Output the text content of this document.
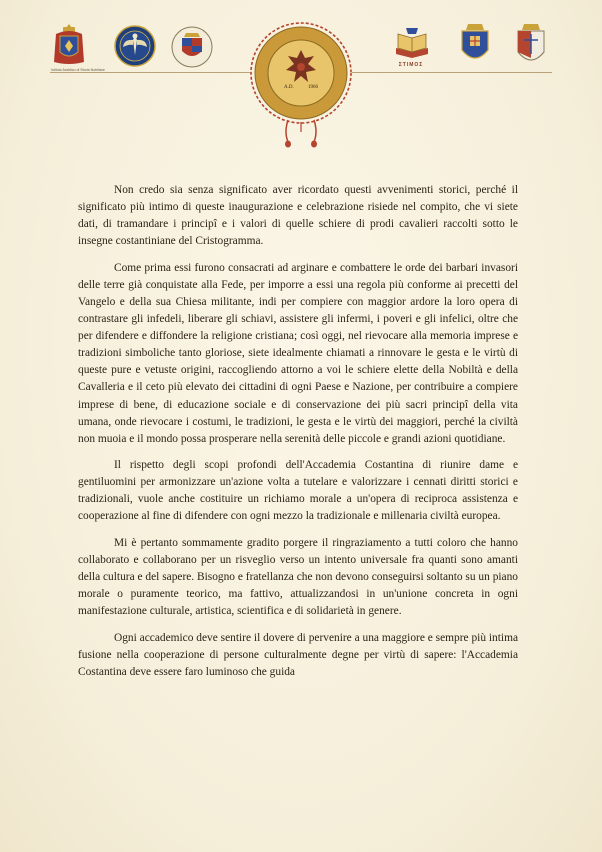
Istituto Araldico di Storia Nobiliare
A.D.	1966
ΣΤΙΜΟΣ

Non credo sia senza significato aver ricordato questi avvenimenti storici, perché il significato più intimo di queste inaugurazione e celebrazione risiede nel compito, che vi siete dati, di tramandare i principî e i valori di quelle schiere di prodi cavalieri raccolti sotto le insegne costantiniane del Cristogramma.

Come prima essi furono consacrati ad arginare e combattere le orde dei barbari invasori delle terre già conquistate alla Fede, per imporre a essi una regola più conforme ai precetti del Vangelo e della sua Chiesa militante, indi per compiere con maggior ardore la loro opera di contrastare gli infedeli, liberare gli schiavi, assistere gli infermi, i poveri e gli infelici, oltre che per difendere e diffondere la religione cristiana; così oggi, nel rievocare alla memoria imprese e tradizioni simboliche tanto gloriose, siete idealmente chiamati a rinnovare le gesta e le virtù di queste pure e vetuste origini, raccogliendo attorno a voi le schiere elette della Nobiltà e della Cavalleria e il ceto più elevato dei cittadini di ogni Paese e Nazione, per contribuire a compiere imprese di bene, di educazione sociale e di conservazione dei più sacri principî della vita umana, onde rievocare i costumi, le tradizioni, le gesta e le virtù dei maggiori, perché la civiltà non muoia e il mondo possa prosperare nella serenità delle piccole e grandi azioni quotidiane.

Il rispetto degli scopi profondi dell'Accademia Costantina di riunire dame e gentiluomini per armonizzare un'azione volta a tutelare e valorizzare i cennati diritti storici e tradizionali, vuole anche costituire un richiamo morale a un'opera di reciproca assistenza e cooperazione al fine di difendere con ogni mezzo la tradizionale e millenaria civiltà europea.

Mi è pertanto sommamente gradito porgere il ringraziamento a tutti coloro che hanno collaborato e collaborano per un risveglio verso un intento universale fra quanti sono amanti della cultura e del sapere. Bisogno e fratellanza che non devono conseguirsi soltanto su un piano morale o puramente teorico, ma fattivo, attualizzandosi in un'unione concreta in ogni manifestazione culturale, artistica, scientifica e di solidarietà in genere.

Ogni accademico deve sentire il dovere di pervenire a una maggiore e sempre più intima fusione nella cooperazione di persone culturalmente degne per virtù di sapere: l'Accademia Costantina deve essere faro luminoso che guida
